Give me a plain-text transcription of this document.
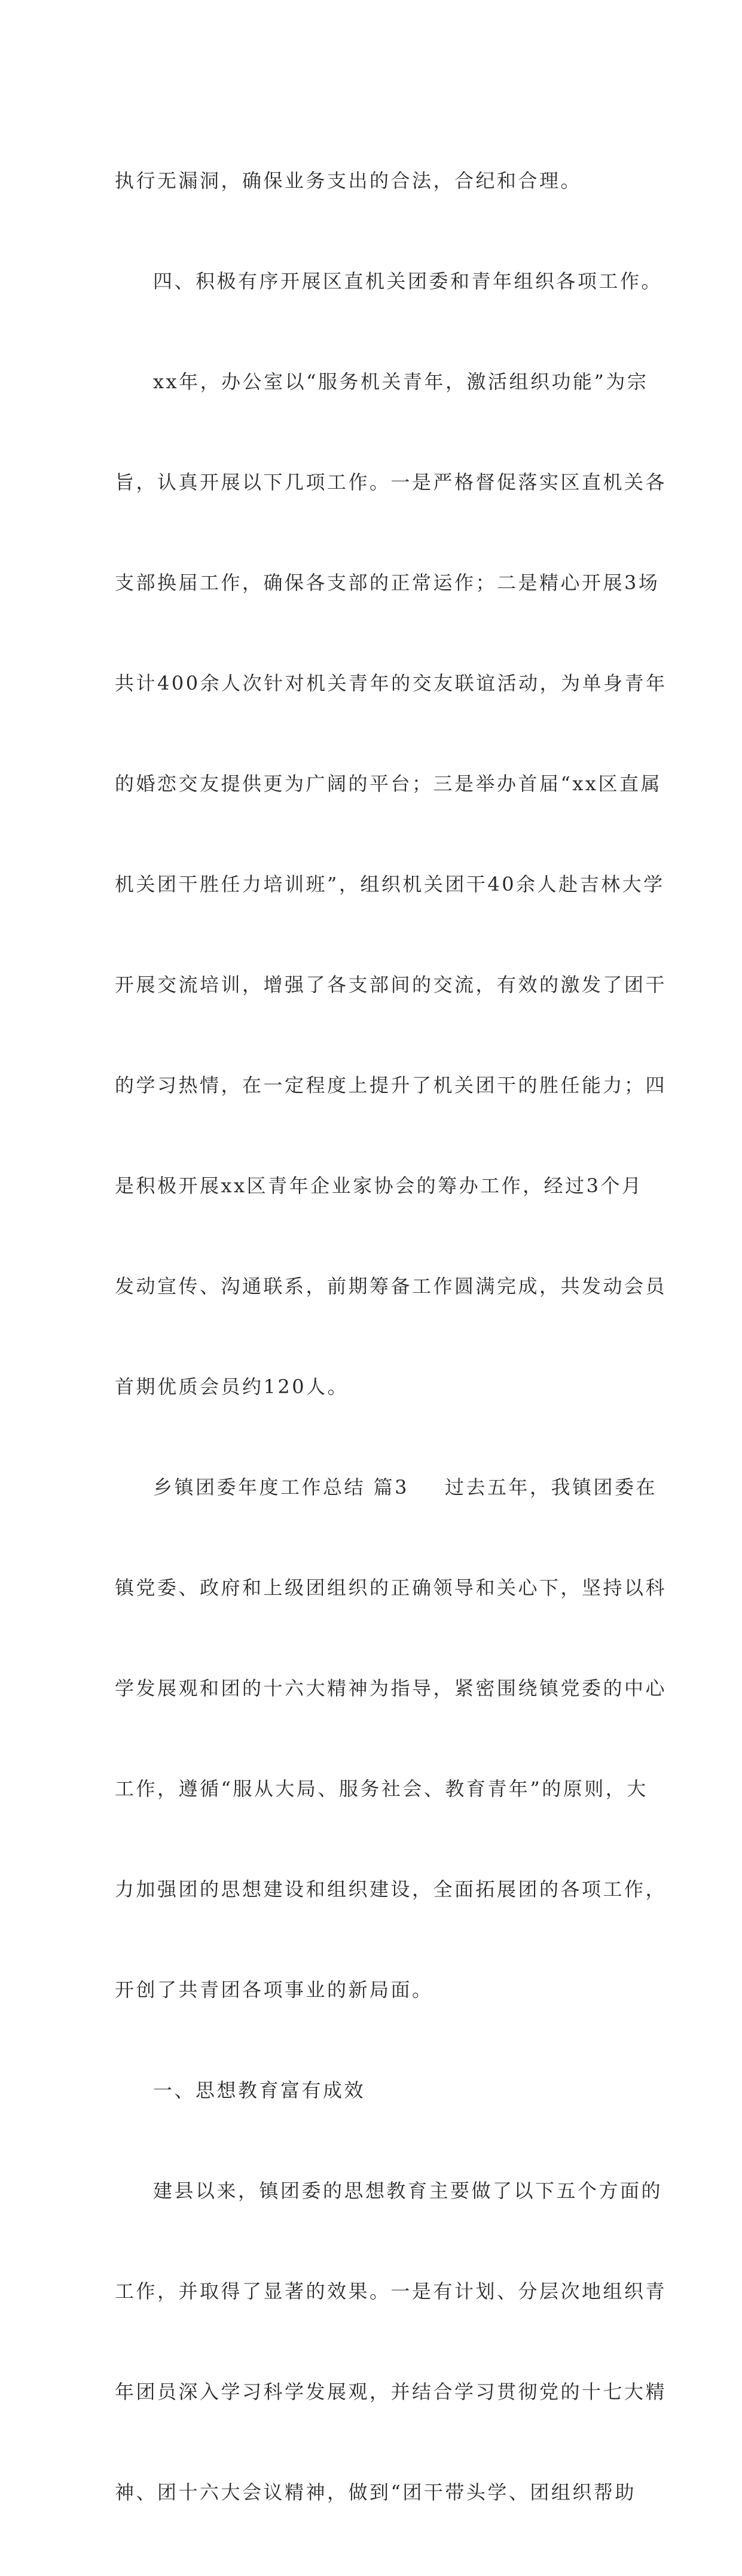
执行无漏洞，确保业务支出的合法，合纪和合理。

四、积极有序开展区直机关团委和青年组织各项工作。

xx年，办公室以“服务机关青年，激活组织功能”为宗

旨，认真开展以下几项工作。一是严格督促落实区直机关各

支部换届工作，确保各支部的正常运作；二是精心开展3场

共计400余人次针对机关青年的交友联谊活动，为单身青年

的婚恋交友提供更为广阔的平台；三是举办首届“xx区直属

机关团干胜任力培训班”，组织机关团干40余人赴吉林大学

开展交流培训，增强了各支部间的交流，有效的激发了团干

的学习热情，在一定程度上提升了机关团干的胜任能力；四

是积极开展xx区青年企业家协会的筹办工作，经过3个月

发动宣传、沟通联系，前期筹备工作圆满完成，共发动会员

首期优质会员约120人。

乡镇团委年度工作总结 篇3 过去五年，我镇团委在

镇党委、政府和上级团组织的正确领导和关心下，坚持以科

学发展观和团的十六大精神为指导，紧密围绕镇党委的中心

工作，遵循“服从大局、服务社会、教育青年”的原则，大

力加强团的思想建设和组织建设，全面拓展团的各项工作，

开创了共青团各项事业的新局面。

一、思想教育富有成效

建县以来，镇团委的思想教育主要做了以下五个方面的

工作，并取得了显著的效果。一是有计划、分层次地组织青

年团员深入学习科学发展观，并结合学习贯彻党的十七大精

神、团十六大会议精神，做到“团干带头学、团组织帮助
